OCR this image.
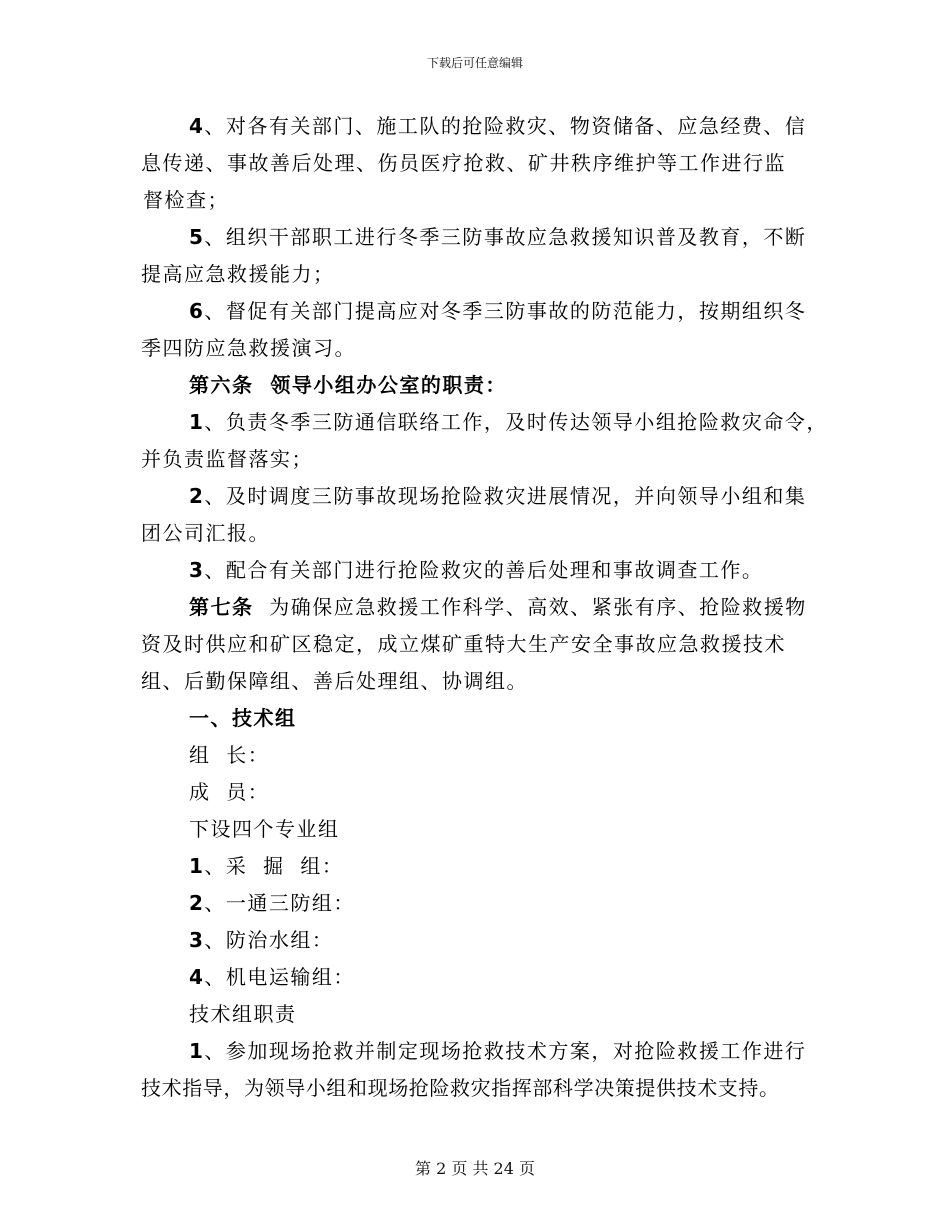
下载后可任意编辑
4、对各有关部门、施工队的抢险救灾、物资储备、应急经费、信
息传递、事故善后处理、伤员医疗抢救、矿井秩序维护等工作进行监
督检查；
5、组织干部职工进行冬季三防事故应急救援知识普及教育，不断
提高应急救援能力；
6、督促有关部门提高应对冬季三防事故的防范能力，按期组织冬
季四防应急救援演习。
第六条  领导小组办公室的职责：
1、负责冬季三防通信联络工作，及时传达领导小组抢险救灾命令，
并负责监督落实；
2、及时调度三防事故现场抢险救灾进展情况，并向领导小组和集
团公司汇报。
3、配合有关部门进行抢险救灾的善后处理和事故调查工作。
第七条  为确保应急救援工作科学、高效、紧张有序、抢险救援物
资及时供应和矿区稳定，成立煤矿重特大生产安全事故应急救援技术
组、后勤保障组、善后处理组、协调组。
一、技术组
组  长：
成  员：
下设四个专业组
1、采  掘  组：
2、一通三防组：
3、防治水组：
4、机电运输组：
技术组职责
1、参加现场抢救并制定现场抢救技术方案，对抢险救援工作进行
技术指导，为领导小组和现场抢险救灾指挥部科学决策提供技术支持。
第 2 页 共 24 页
